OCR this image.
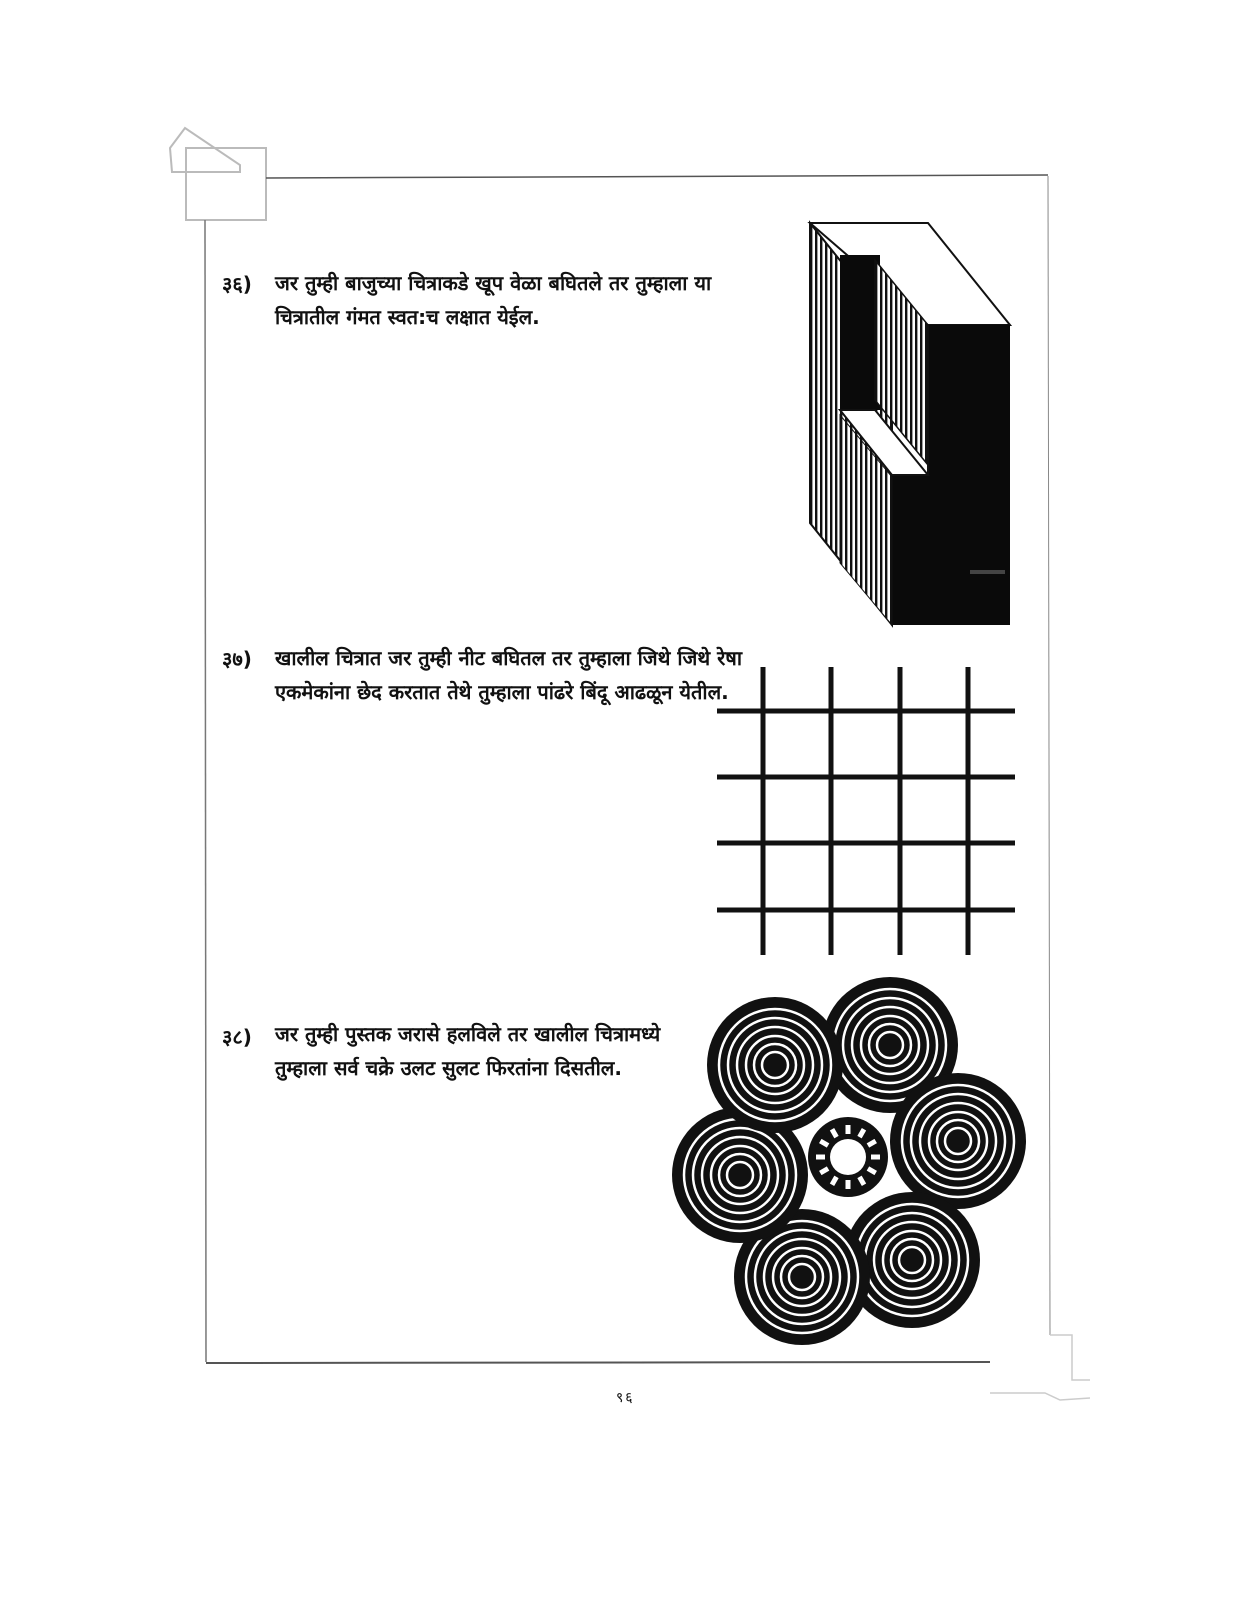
३६) जर तुम्ही बाजुच्या चित्राकडे खूप वेळा बघितले तर तुम्हाला या
चित्रातील गंमत स्वत:च लक्षात येईल.
३७) खालील चित्रात जर तुम्ही नीट बघितल तर तुम्हाला जिथे जिथे रेषा
एकमेकांना छेद करतात तेथे तुम्हाला पांढरे बिंदू आढळून येतील.
३८) जर तुम्ही पुस्तक जरासे हलविले तर खालील चित्रामध्ये
तुम्हाला सर्व चक्रे उलट सुलट फिरतांना दिसतील.
९६
